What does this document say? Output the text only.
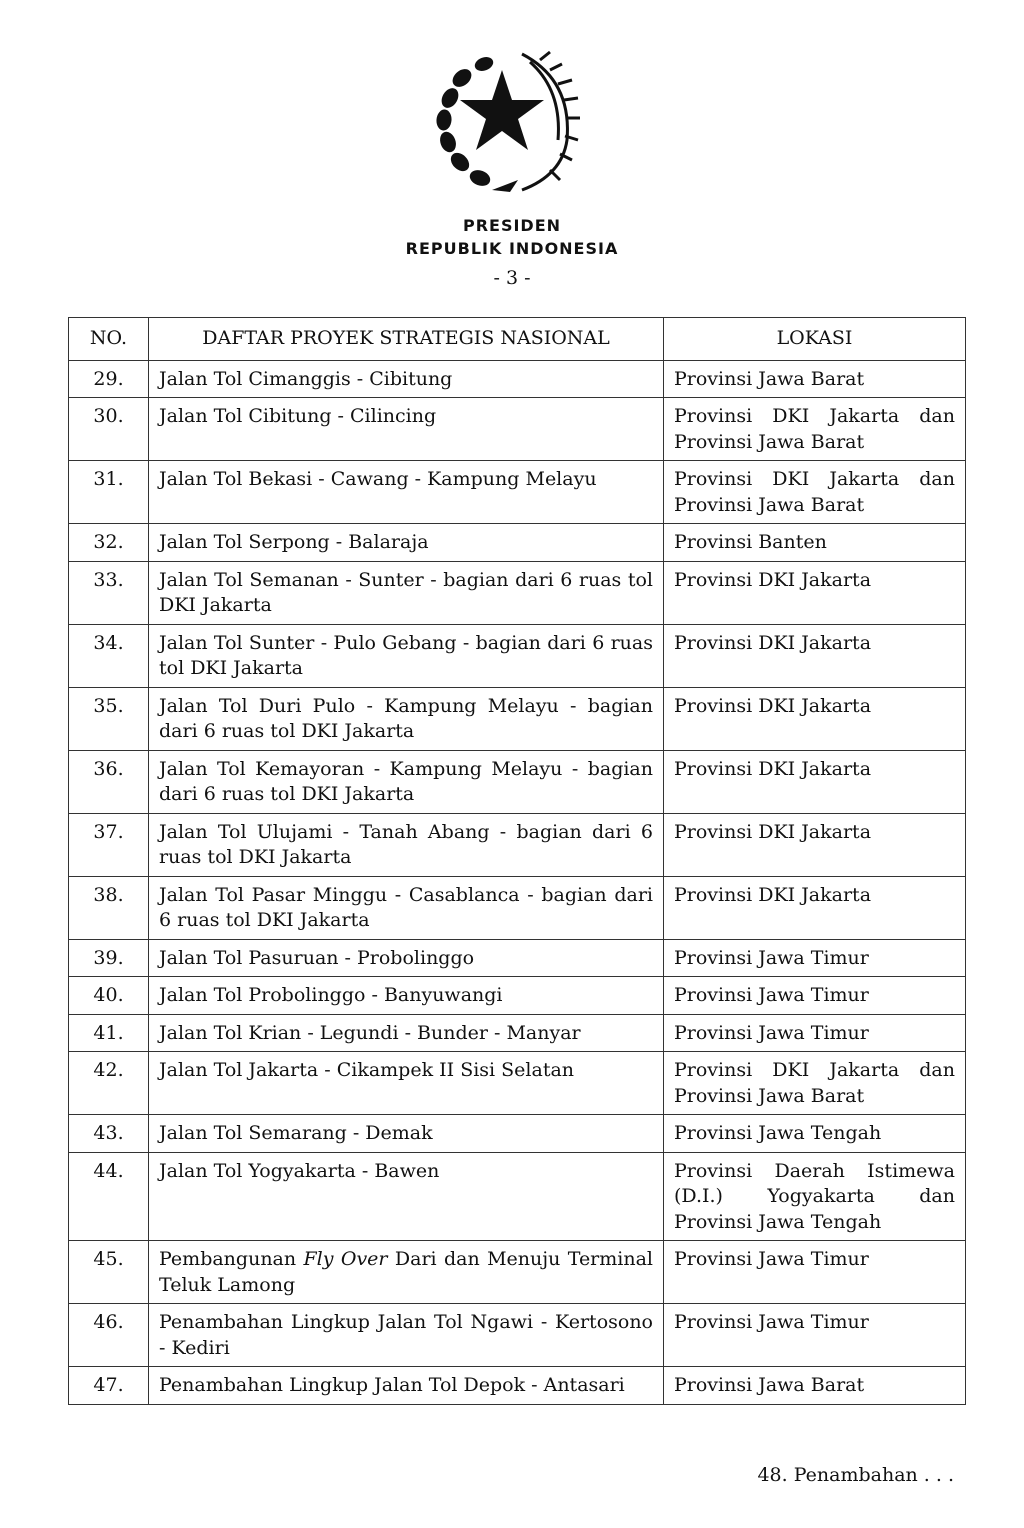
PRESIDEN
REPUBLIK INDONESIA
- 3 -
NO.	DAFTAR PROYEK STRATEGIS NASIONAL	LOKASI
29.	Jalan Tol Cimanggis - Cibitung	Provinsi Jawa Barat
30.	Jalan Tol Cibitung - Cilincing	Provinsi DKI Jakarta dan Provinsi Jawa Barat
31.	Jalan Tol Bekasi - Cawang - Kampung Melayu	Provinsi DKI Jakarta dan Provinsi Jawa Barat
32.	Jalan Tol Serpong - Balaraja	Provinsi Banten
33.	Jalan Tol Semanan - Sunter - bagian dari 6 ruas tol DKI Jakarta	Provinsi DKI Jakarta
34.	Jalan Tol Sunter - Pulo Gebang - bagian dari 6 ruas tol DKI Jakarta	Provinsi DKI Jakarta
35.	Jalan Tol Duri Pulo - Kampung Melayu - bagian dari 6 ruas tol DKI Jakarta	Provinsi DKI Jakarta
36.	Jalan Tol Kemayoran - Kampung Melayu - bagian dari 6 ruas tol DKI Jakarta	Provinsi DKI Jakarta
37.	Jalan Tol Ulujami - Tanah Abang - bagian dari 6 ruas tol DKI Jakarta	Provinsi DKI Jakarta
38.	Jalan Tol Pasar Minggu - Casablanca - bagian dari 6 ruas tol DKI Jakarta	Provinsi DKI Jakarta
39.	Jalan Tol Pasuruan - Probolinggo	Provinsi Jawa Timur
40.	Jalan Tol Probolinggo - Banyuwangi	Provinsi Jawa Timur
41.	Jalan Tol Krian - Legundi - Bunder - Manyar	Provinsi Jawa Timur
42.	Jalan Tol Jakarta - Cikampek II Sisi Selatan	Provinsi DKI Jakarta dan Provinsi Jawa Barat
43.	Jalan Tol Semarang - Demak	Provinsi Jawa Tengah
44.	Jalan Tol Yogyakarta - Bawen	Provinsi Daerah Istimewa (D.I.) Yogyakarta dan Provinsi Jawa Tengah
45.	Pembangunan Fly Over Dari dan Menuju Terminal Teluk Lamong	Provinsi Jawa Timur
46.	Penambahan Lingkup Jalan Tol Ngawi - Kertosono - Kediri	Provinsi Jawa Timur
47.	Penambahan Lingkup Jalan Tol Depok - Antasari	Provinsi Jawa Barat
48. Penambahan . . .
